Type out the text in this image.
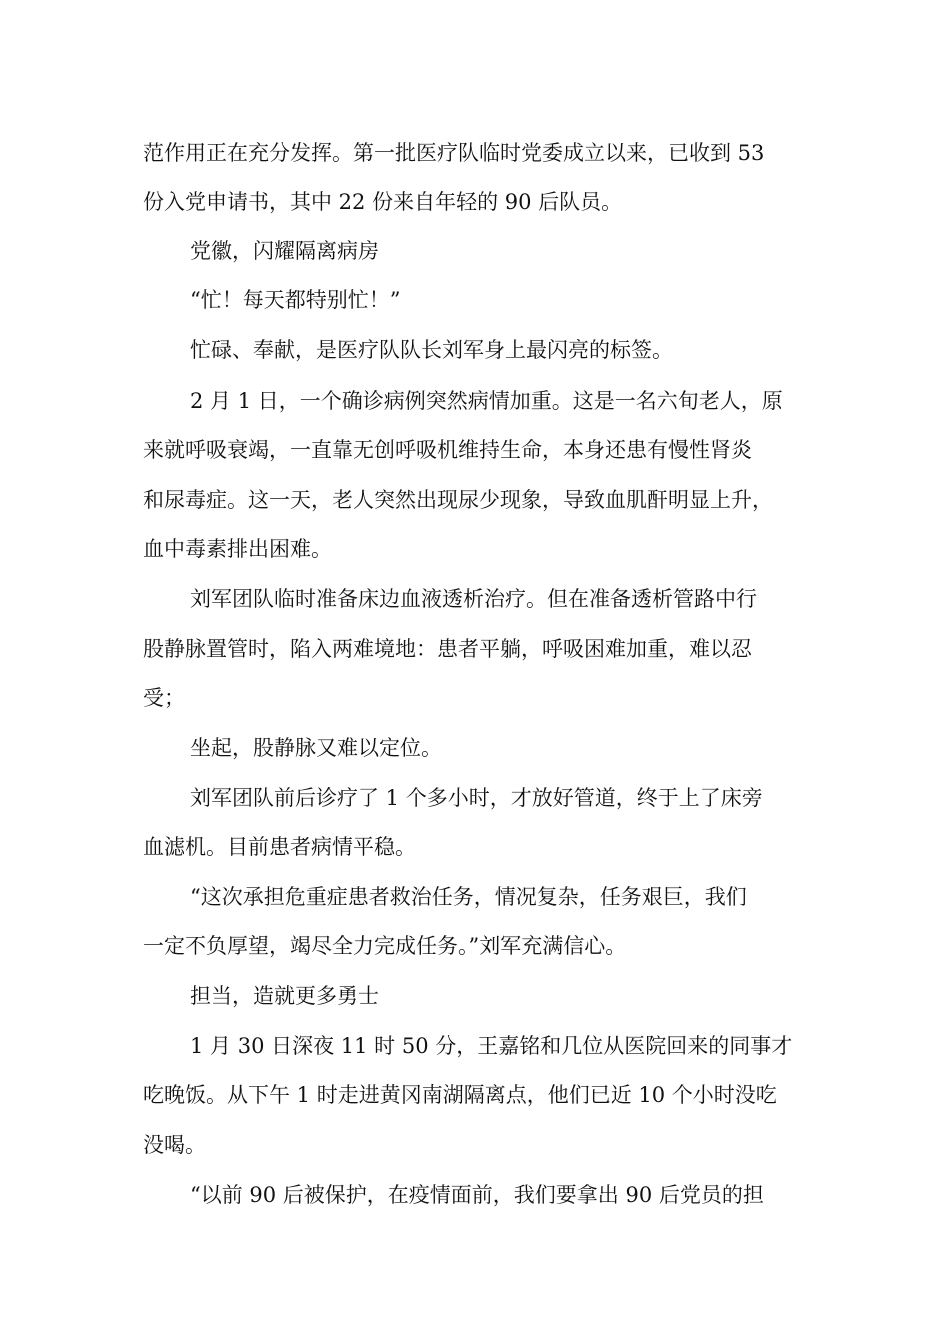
范作用正在充分发挥。第一批医疗队临时党委成立以来，已收到 53

份入党申请书，其中 22 份来自年轻的 90 后队员。

党徽，闪耀隔离病房

“忙！每天都特别忙！”

忙碌、奉献，是医疗队队长刘军身上最闪亮的标签。

2 月 1 日，一个确诊病例突然病情加重。这是一名六旬老人，原

来就呼吸衰竭，一直靠无创呼吸机维持生命，本身还患有慢性肾炎

和尿毒症。这一天，老人突然出现尿少现象，导致血肌酐明显上升，

血中毒素排出困难。

刘军团队临时准备床边血液透析治疗。但在准备透析管路中行

股静脉置管时，陷入两难境地：患者平躺，呼吸困难加重，难以忍

受；

坐起，股静脉又难以定位。

刘军团队前后诊疗了 1 个多小时，才放好管道，终于上了床旁

血滤机。目前患者病情平稳。

“这次承担危重症患者救治任务，情况复杂，任务艰巨，我们

一定不负厚望，竭尽全力完成任务。”刘军充满信心。

担当，造就更多勇士

1 月 30 日深夜 11 时 50 分，王嘉铭和几位从医院回来的同事才

吃晚饭。从下午 1 时走进黄冈南湖隔离点，他们已近 10 个小时没吃

没喝。

“以前 90 后被保护，在疫情面前，我们要拿出 90 后党员的担
